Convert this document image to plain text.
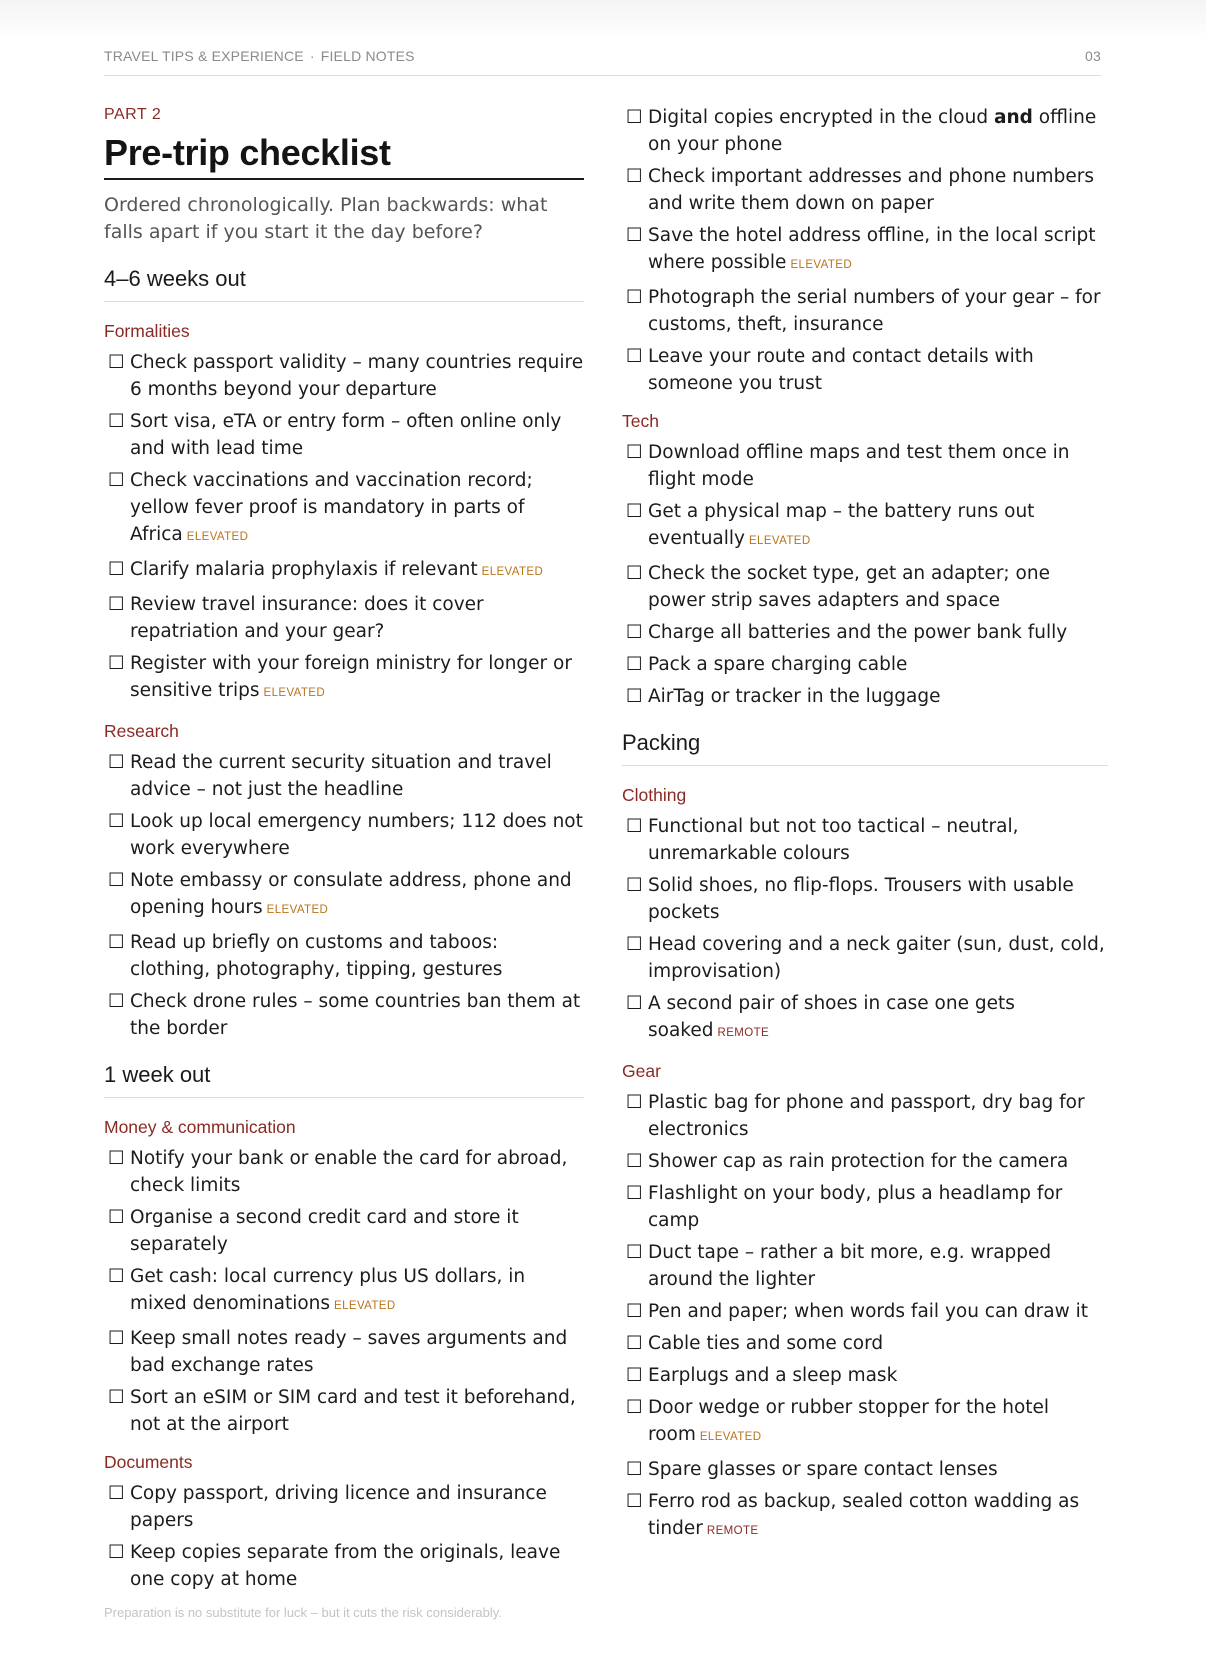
TRAVEL TIPS & EXPERIENCE · FIELD NOTES	03
PART 2
Pre-trip checklist
Ordered chronologically. Plan backwards: what falls apart if you start it the day before?
4–6 weeks out
Formalities
☐ Check passport validity – many countries require 6 months beyond your departure
☐ Sort visa, eTA or entry form – often online only and with lead time
☐ Check vaccinations and vaccination record; yellow fever proof is mandatory in parts of Africa ELEVATED
☐ Clarify malaria prophylaxis if relevant ELEVATED
☐ Review travel insurance: does it cover repatriation and your gear?
☐ Register with your foreign ministry for longer or sensitive trips ELEVATED
Research
☐ Read the current security situation and travel advice – not just the headline
☐ Look up local emergency numbers; 112 does not work everywhere
☐ Note embassy or consulate address, phone and opening hours ELEVATED
☐ Read up briefly on customs and taboos: clothing, photography, tipping, gestures
☐ Check drone rules – some countries ban them at the border
1 week out
Money & communication
☐ Notify your bank or enable the card for abroad, check limits
☐ Organise a second credit card and store it separately
☐ Get cash: local currency plus US dollars, in mixed denominations ELEVATED
☐ Keep small notes ready – saves arguments and bad exchange rates
☐ Sort an eSIM or SIM card and test it beforehand, not at the airport
Documents
☐ Copy passport, driving licence and insurance papers
☐ Keep copies separate from the originals, leave one copy at home
☐ Digital copies encrypted in the cloud and offline on your phone
☐ Check important addresses and phone numbers and write them down on paper
☐ Save the hotel address offline, in the local script where possible ELEVATED
☐ Photograph the serial numbers of your gear – for customs, theft, insurance
☐ Leave your route and contact details with someone you trust
Tech
☐ Download offline maps and test them once in flight mode
☐ Get a physical map – the battery runs out eventually ELEVATED
☐ Check the socket type, get an adapter; one power strip saves adapters and space
☐ Charge all batteries and the power bank fully
☐ Pack a spare charging cable
☐ AirTag or tracker in the luggage
Packing
Clothing
☐ Functional but not too tactical – neutral, unremarkable colours
☐ Solid shoes, no flip-flops. Trousers with usable pockets
☐ Head covering and a neck gaiter (sun, dust, cold, improvisation)
☐ A second pair of shoes in case one gets soaked REMOTE
Gear
☐ Plastic bag for phone and passport, dry bag for electronics
☐ Shower cap as rain protection for the camera
☐ Flashlight on your body, plus a headlamp for camp
☐ Duct tape – rather a bit more, e.g. wrapped around the lighter
☐ Pen and paper; when words fail you can draw it
☐ Cable ties and some cord
☐ Earplugs and a sleep mask
☐ Door wedge or rubber stopper for the hotel room ELEVATED
☐ Spare glasses or spare contact lenses
☐ Ferro rod as backup, sealed cotton wadding as tinder REMOTE
Preparation is no substitute for luck – but it cuts the risk considerably.
